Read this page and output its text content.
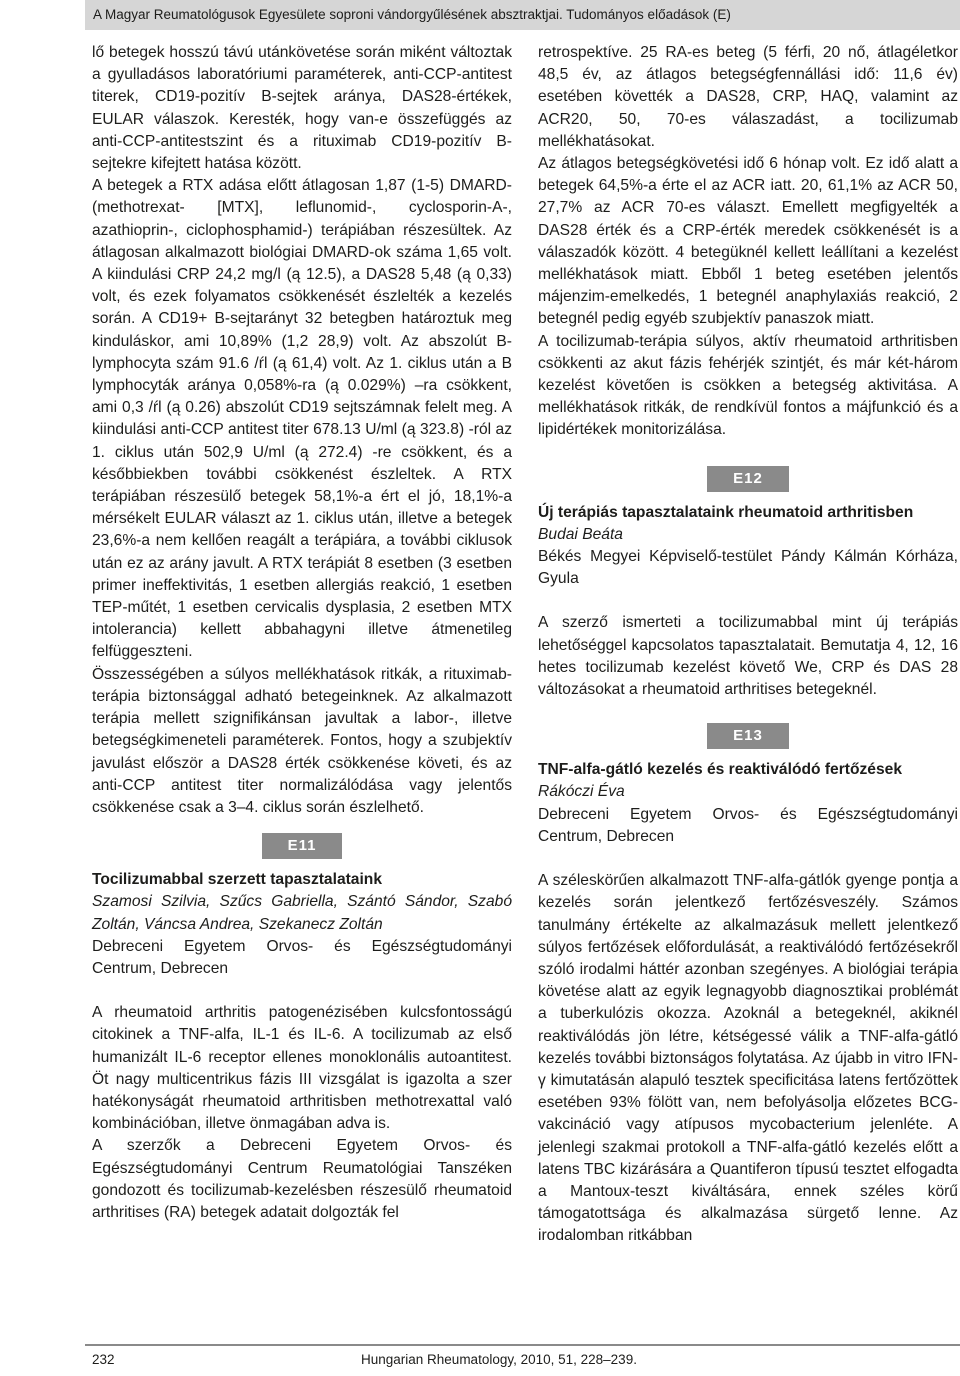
A Magyar Reumatológusok Egyesülete soproni vándorgyűlésének absztraktjai. Tudományos előadások (E)

lő betegek hosszú távú utánkövetése során miként változtak a gyulladásos laboratóriumi paraméterek, anti-CCP-antitest titerek, CD19-pozitív B-sejtek aránya, DAS28-értékek, EULAR válaszok. Keresték, hogy van-e összefüggés az anti-CCP-antitestszint és a rituximab CD19-pozitív B-sejtekre kifejtett hatása között.

A betegek a RTX adása előtt átlagosan 1,87 (1-5) DMARD- (methotrexat- [MTX], leflunomid-, cyclosporin-A-, azathioprin-, ciclophosphamid-) terápiában részesültek. Az átlagosan alkalmazott biológiai DMARD-ok száma 1,65 volt. A kiindulási CRP 24,2 mg/l (ą 12.5), a DAS28 5,48 (ą 0,33) volt, és ezek folyamatos csökkenését észlelték a kezelés során. A CD19+ B-sejtarányt 32 betegben határoztuk meg kinduláskor, ami 10,89% (1,2 28,9) volt. Az abszolút B-lymphocyta szám 91.6 /ŕl (ą 61,4) volt. Az 1. ciklus után a B lymphocyták aránya 0,058%-ra (ą 0.029%) –ra csökkent, ami 0,3 /ŕl (ą 0.26) abszolút CD19 sejtszámnak felelt meg. A kiindulási anti-CCP antitest titer 678.13 U/ml (ą 323.8) -ról az 1. ciklus után 502,9 U/ml (ą 272.4) -re csökkent, és a későbbiekben további csökkenést észleltek. A RTX terápiában részesülő betegek 58,1%-a ért el jó, 18,1%-a mérsékelt EULAR választ az 1. ciklus után, illetve a betegek 23,6%-a nem kellően reagált a terápiára, a további ciklusok után ez az arány javult. A RTX terápiát 8 esetben (3 esetben primer ineffektivitás, 1 esetben allergiás reakció, 1 esetben TEP-műtét, 1 esetben cervicalis dysplasia, 2 esetben MTX intolerancia) kellett abbahagyni illetve átmenetileg felfüggeszteni.

Összességében a súlyos mellékhatások ritkák, a rituximab-terápia biztonsággal adható betegeinknek. Az alkalmazott terápia mellett szignifikánsan javultak a labor-, illetve betegségkimeneteli paraméterek. Fontos, hogy a szubjektív javulást először a DAS28 érték csökkenése követi, és az anti-CCP antitest titer normalizálódása vagy jelentős csökkenése csak a 3–4. ciklus során észlelhető.

E11

Tocilizumabbal szerzett tapasztalataink

Szamosi Szilvia, Szűcs Gabriella, Szántó Sándor, Szabó Zoltán, Váncsa Andrea, Szekanecz Zoltán

Debreceni Egyetem Orvos- és Egészségtudományi Centrum, Debrecen

A rheumatoid arthritis patogenézisében kulcsfontosságú citokinek a TNF-alfa, IL-1 és IL-6. A tocilizumab az első humanizált IL-6 receptor ellenes monoklonális autoantitest. Öt nagy multicentrikus fázis III vizsgálat is igazolta a szer hatékonyságát rheumatoid arthritisben methotrexattal való kombinációban, illetve önmagában adva is.

A szerzők a Debreceni Egyetem Orvos- és Egészségtudományi Centrum Reumatológiai Tanszéken gondozott és tocilizumab-kezelésben részesülő rheumatoid arthritises (RA) betegek adatait dolgozták fel

retrospektíve. 25 RA-es beteg (5 férfi, 20 nő, átlagéletkor 48,5 év, az átlagos betegségfennállási idő: 11,6 év) esetében követték a DAS28, CRP, HAQ, valamint az ACR20, 50, 70-es válaszadást, a tocilizumab mellékhatásokat.

Az átlagos betegségkövetési idő 6 hónap volt. Ez idő alatt a betegek 64,5%-a érte el az ACR iatt. 20, 61,1% az ACR 50, 27,7% az ACR 70-es választ. Emellett megfigyelték a DAS28 érték és a CRP-érték meredek csökkenését is a válaszadók között. 4 betegüknél kellett leállítani a kezelést mellékhatások miatt. Ebből 1 beteg esetében jelentős májenzim-emelkedés, 1 betegnél anaphylaxiás reakció, 2 betegnél pedig egyéb szubjektív panaszok miatt.

A tocilizumab-terápia súlyos, aktív rheumatoid arthritisben csökkenti az akut fázis fehérjék szintjét, és már két-három kezelést követően is csökken a betegség aktivitása. A mellékhatások ritkák, de rendkívül fontos a májfunkció és a lipidértékek monitorizálása.

E12

Új terápiás tapasztalataink rheumatoid arthritisben

Budai Beáta

Békés Megyei Képviselő-testület Pándy Kálmán Kórháza, Gyula

A szerző ismerteti a tocilizumabbal mint új terápiás lehetőséggel kapcsolatos tapasztalatait. Bemutatja 4, 12, 16 hetes tocilizumab kezelést követő We, CRP és DAS 28 változásokat a rheumatoid arthritises betegeknél.

E13

TNF-alfa-gátló kezelés és reaktiválódó fertőzések

Rákóczi Éva

Debreceni Egyetem Orvos- és Egészségtudományi Centrum, Debrecen

A széleskörűen alkalmazott TNF-alfa-gátlók gyenge pontja a kezelés során jelentkező fertőzésveszély. Számos tanulmány értékelte az alkalmazásuk mellett jelentkező súlyos fertőzések előfordulását, a reaktiválódó fertőzésekről szóló irodalmi háttér azonban szegényes. A biológiai terápia követése alatt az egyik legnagyobb diagnosztikai problémát a tuberkulózis okozza. Azoknál a betegeknél, akiknél reaktiválódás jön létre, kétségessé válik a TNF-alfa-gátló kezelés további biztonságos folytatása. Az újabb in vitro IFN-γ kimutatásán alapuló tesztek specificitása latens fertőzöttek esetében 93% fölött van, nem befolyásolja előzetes BCG-vakcináció vagy atípusos mycobacterium jelenléte. A jelenlegi szakmai protokoll a TNF-alfa-gátló kezelés előtt a latens TBC kizárására a Quantiferon típusú tesztet elfogadta a Mantoux-teszt kiváltására, ennek széles körű támogatottsága és alkalmazása sürgető lenne. Az irodalomban ritkábban

232	Hungarian Rheumatology, 2010, 51, 228–239.
